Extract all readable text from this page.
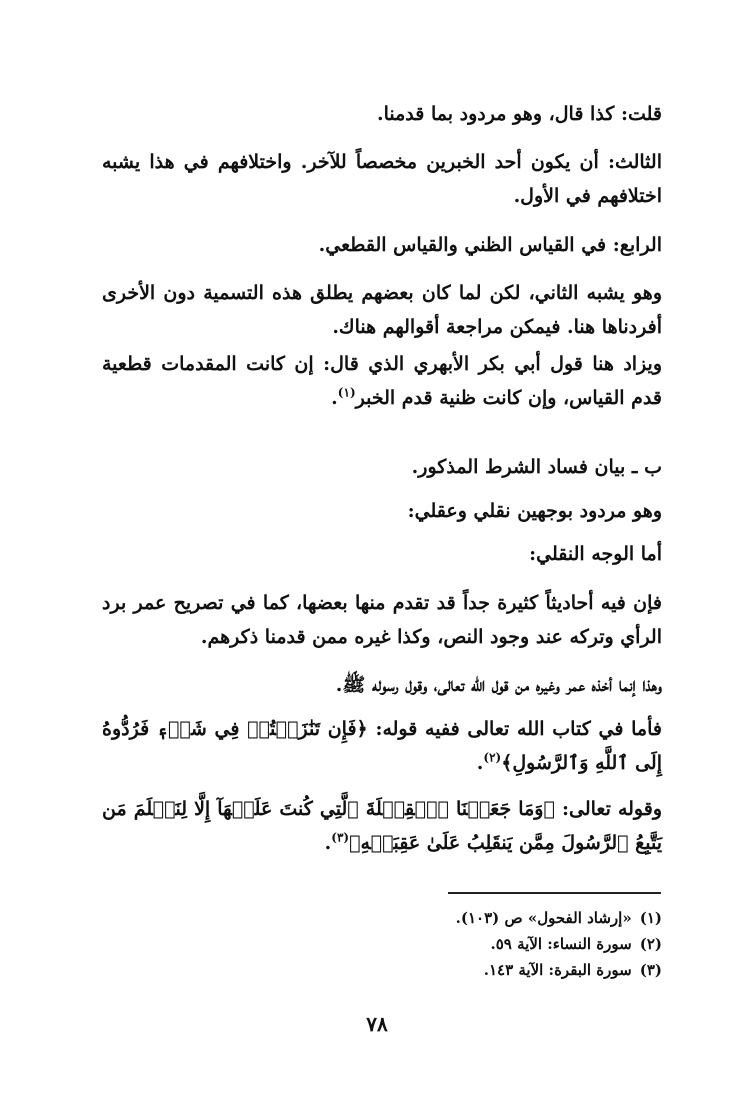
قلت: كذا قال، وهو مردود بما قدمنا.
الثالث: أن يكون أحد الخبرين مخصصاً للآخر. واختلافهم في هذا يشبه اختلافهم في الأول.
الرابع: في القياس الظني والقياس القطعي.
وهو يشبه الثاني، لكن لما كان بعضهم يطلق هذه التسمية دون الأخرى أفردناها هنا. فيمكن مراجعة أقوالهم هناك.
ويزاد هنا قول أبي بكر الأبهري الذي قال: إن كانت المقدمات قطعية قدم القياس، وإن كانت ظنية قدم الخبر$^{(١)}$.
ب ـ بيان فساد الشرط المذكور.
وهو مردود بوجهين نقلي وعقلي:
أما الوجه النقلي:
فإن فيه أحاديثاً كثيرة جداً قد تقدم منها بعضها، كما في تصريح عمر برد الرأي وتركه عند وجود النص، وكذا غيره ممن قدمنا ذكرهم.
وهذا إنما أخذه عمر وغيره من قول الله تعالى، وقول رسوله ﷺ.
فأما في كتاب الله تعالى ففيه قوله: ﴿فَإِن تَنَٰزَعۡتُمۡ فِي شَيۡءٖ فَرُدُّوهُ إِلَى ٱللَّهِ وَٱلرَّسُولِ﴾$^{(٢)}$.
وقوله تعالى: ﴿وَمَا جَعَلۡنَا ٱلۡقِبۡلَةَ ٱلَّتِي كُنتَ عَلَيۡهَآ إِلَّا لِنَعۡلَمَ مَن يَتَّبِعُ ٱلرَّسُولَ مِمَّن يَنقَلِبُ عَلَىٰ عَقِبَيۡهِ﴾$^{(٣)}$.
(١)«إرشاد الفحول» ص (١٠٣).
(٢)سورة النساء: الآية ٥٩.
(٣)سورة البقرة: الآية ١٤٣.
٧٨
